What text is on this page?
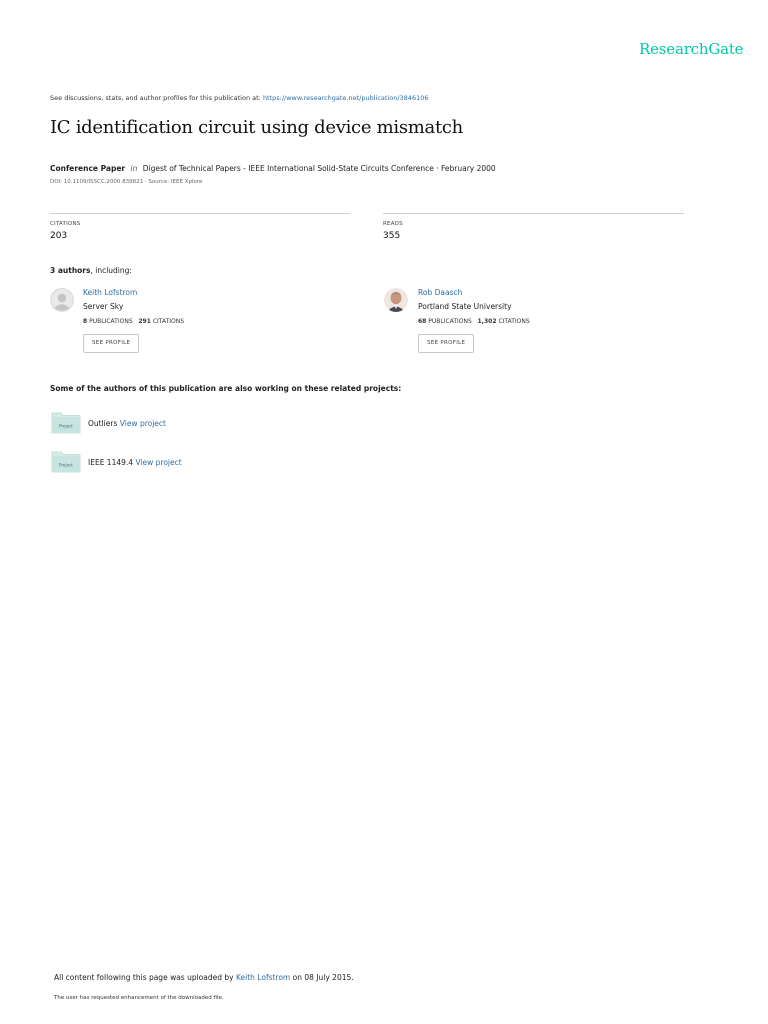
ResearchGate
See discussions, stats, and author profiles for this publication at: https://www.researchgate.net/publication/3846106
IC identification circuit using device mismatch
Conference Paper in Digest of Technical Papers - IEEE International Solid-State Circuits Conference · February 2000
DOI: 10.1109/ISSCC.2000.839821 · Source: IEEE Xplore
CITATIONS
203
READS
355
3 authors, including:
Keith Lofstrom
Server Sky
8 PUBLICATIONS 291 CITATIONS
SEE PROFILE
Rob Daasch
Portland State University
68 PUBLICATIONS 1,302 CITATIONS
SEE PROFILE
Some of the authors of this publication are also working on these related projects:
Project Outliers View project
Project IEEE 1149.4 View project
All content following this page was uploaded by Keith Lofstrom on 08 July 2015.
The user has requested enhancement of the downloaded file.
